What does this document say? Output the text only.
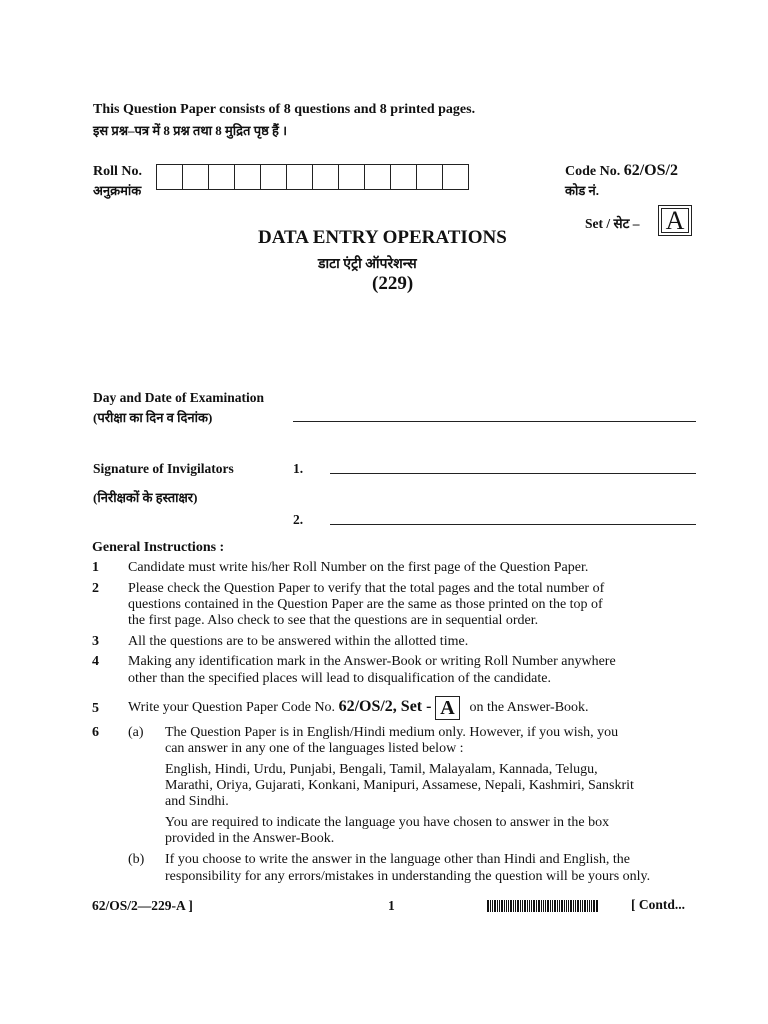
This Question Paper consists of 8 questions and 8 printed pages.
इस प्रश्न–पत्र में 8 प्रश्न तथा 8 मुद्रित पृष्ठ हैं ।
Roll No.
अनुक्रमांक
Code No. 62/OS/2
कोड नं.
Set / सेट – A
DATA ENTRY OPERATIONS
डाटा एंट्री ऑपरेशन्स
(229)
Day and Date of Examination
(परीक्षा का दिन व दिनांक)
Signature of Invigilators
(निरीक्षकों के हस्ताक्षर)
1.
2.
General Instructions :
1 Candidate must write his/her Roll Number on the first page of the Question Paper.
2 Please check the Question Paper to verify that the total pages and the total number of
questions contained in the Question Paper are the same as those printed on the top of
the first page. Also check to see that the questions are in sequential order.
3 All the questions are to be answered within the allotted time.
4 Making any identification mark in the Answer-Book or writing Roll Number anywhere
other than the specified places will lead to disqualification of the candidate.
5 Write your Question Paper Code No. 62/OS/2, Set - A on the Answer-Book.
6 (a) The Question Paper is in English/Hindi medium only. However, if you wish, you
can answer in any one of the languages listed below :
English, Hindi, Urdu, Punjabi, Bengali, Tamil, Malayalam, Kannada, Telugu,
Marathi, Oriya, Gujarati, Konkani, Manipuri, Assamese, Nepali, Kashmiri, Sanskrit
and Sindhi.
You are required to indicate the language you have chosen to answer in the box
provided in the Answer-Book.
(b) If you choose to write the answer in the language other than Hindi and English, the
responsibility for any errors/mistakes in understanding the question will be yours only.
62/OS/2—229-A ]	1	[ Contd...
